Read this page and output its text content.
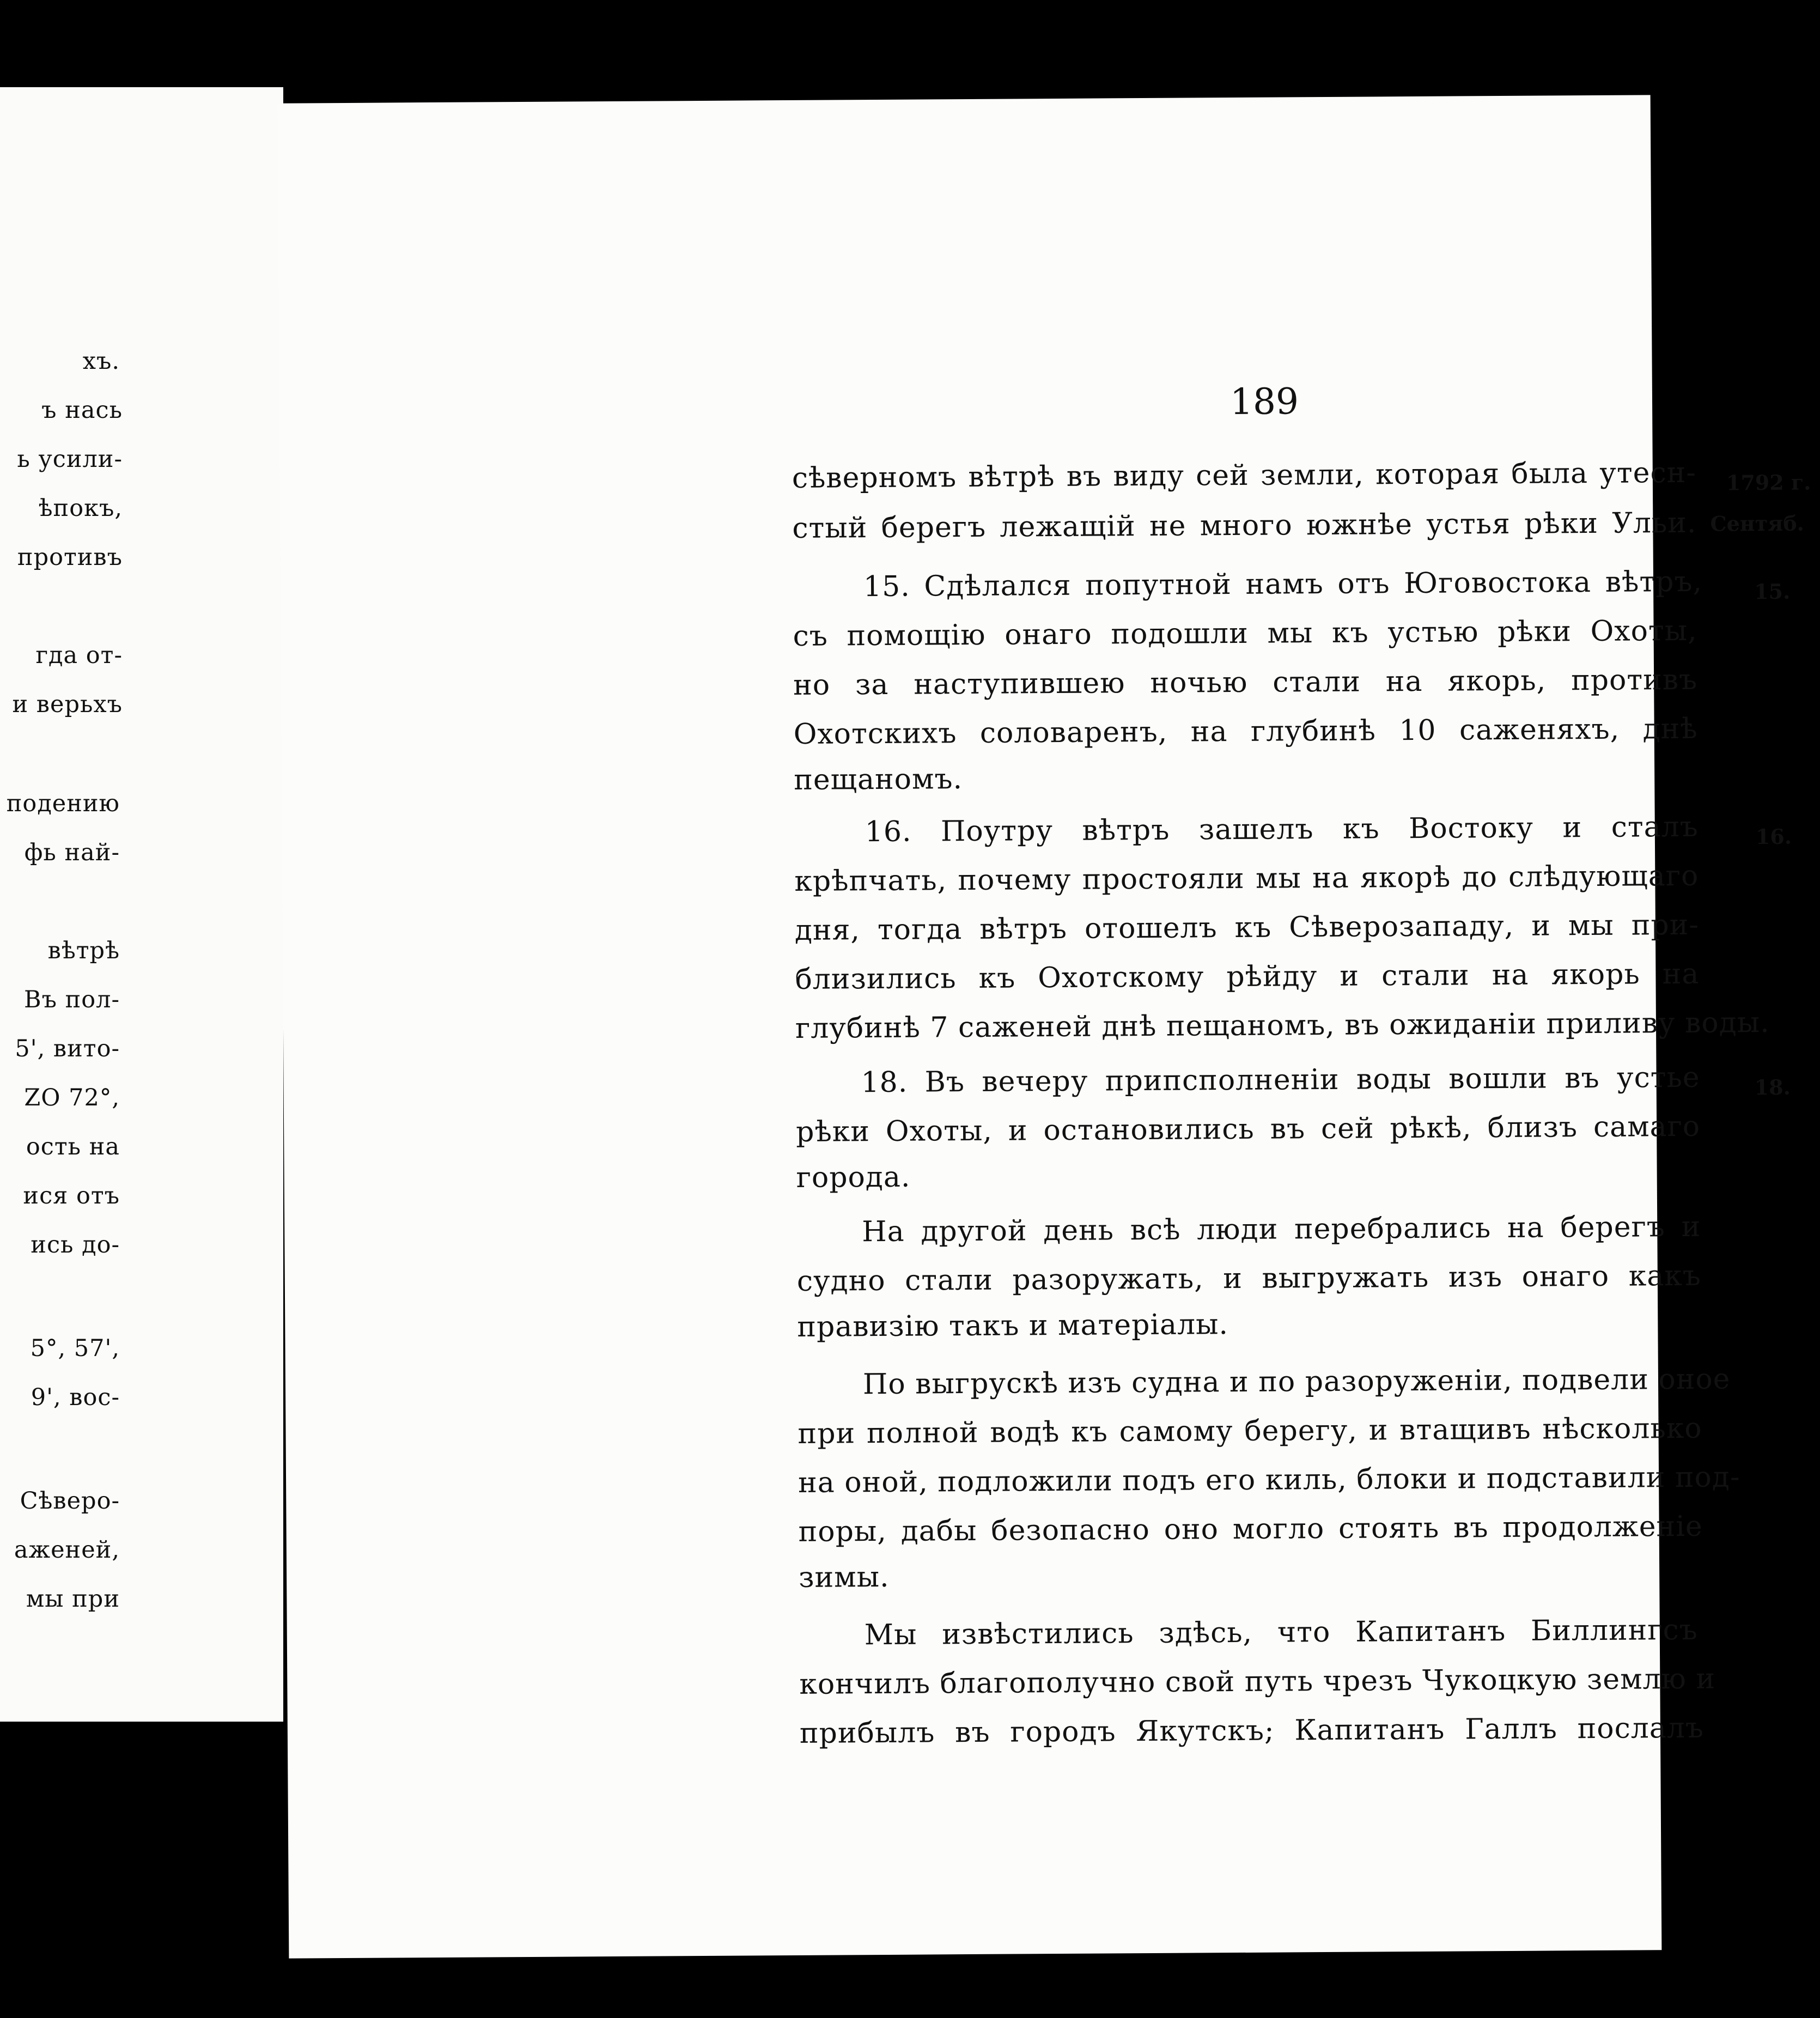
хъ.
ъ нась
ь усили-
ѣпокъ,
противъ
гда от-
и верьхъ
подению
фь най-
вѣтрѣ
Въ пол-
5', вито-
ZO 72°,
ость на
ися отъ
ись до-
5°, 57',
9', вос-
Сѣверо-
аженей,
мы при
189
сѣверномъ вѣтрѣ въ виду сей земли, которая была утесн-
стый берегъ лежащій не много южнѣе устья рѣки Ульи.
15. Сдѣлался попутной намъ отъ Юговостока вѣтръ,
съ помощію онаго подошли мы къ устью рѣки Охоты,
но за наступившею ночью стали на якорь, противъ
Охотскихъ соловаренъ, на глубинѣ 10 саженяхъ, днѣ
пещаномъ.
16. Поутру вѣтръ зашелъ къ Востоку и сталъ
крѣпчать, почему простояли мы на якорѣ до слѣдующаго
дня, тогда вѣтръ отошелъ къ Сѣверозападу, и мы при-
близились къ Охотскому рѣйду и стали на якорь на
глубинѣ 7 саженей днѣ пещаномъ, въ ожиданіи приливу воды.
18. Въ вечеру припсполненіи воды вошли въ устье
рѣки Охоты, и остановились въ сей рѣкѣ, близъ самаго
города.
На другой день всѣ люди перебрались на берегъ и
судно стали разоружать, и выгружать изъ онаго какъ
правизію такъ и матеріалы.
По выгрускѣ изъ судна и по разоруженіи, подвели оное
при полной водѣ къ самому берегу, и втащивъ нѣсколько
на оной, подложили подъ его киль, блоки и подставили под-
поры, дабы безопасно оно могло стоять въ продолженіе
зимы.
Мы извѣстились здѣсь, что Капитанъ Биллингсъ
кончилъ благополучно свой путь чрезъ Чукоцкую землю и
прибылъ въ городъ Якутскъ; Капитанъ Галлъ послалъ
1792 г.
Сентяб.
15.
16.
18.
